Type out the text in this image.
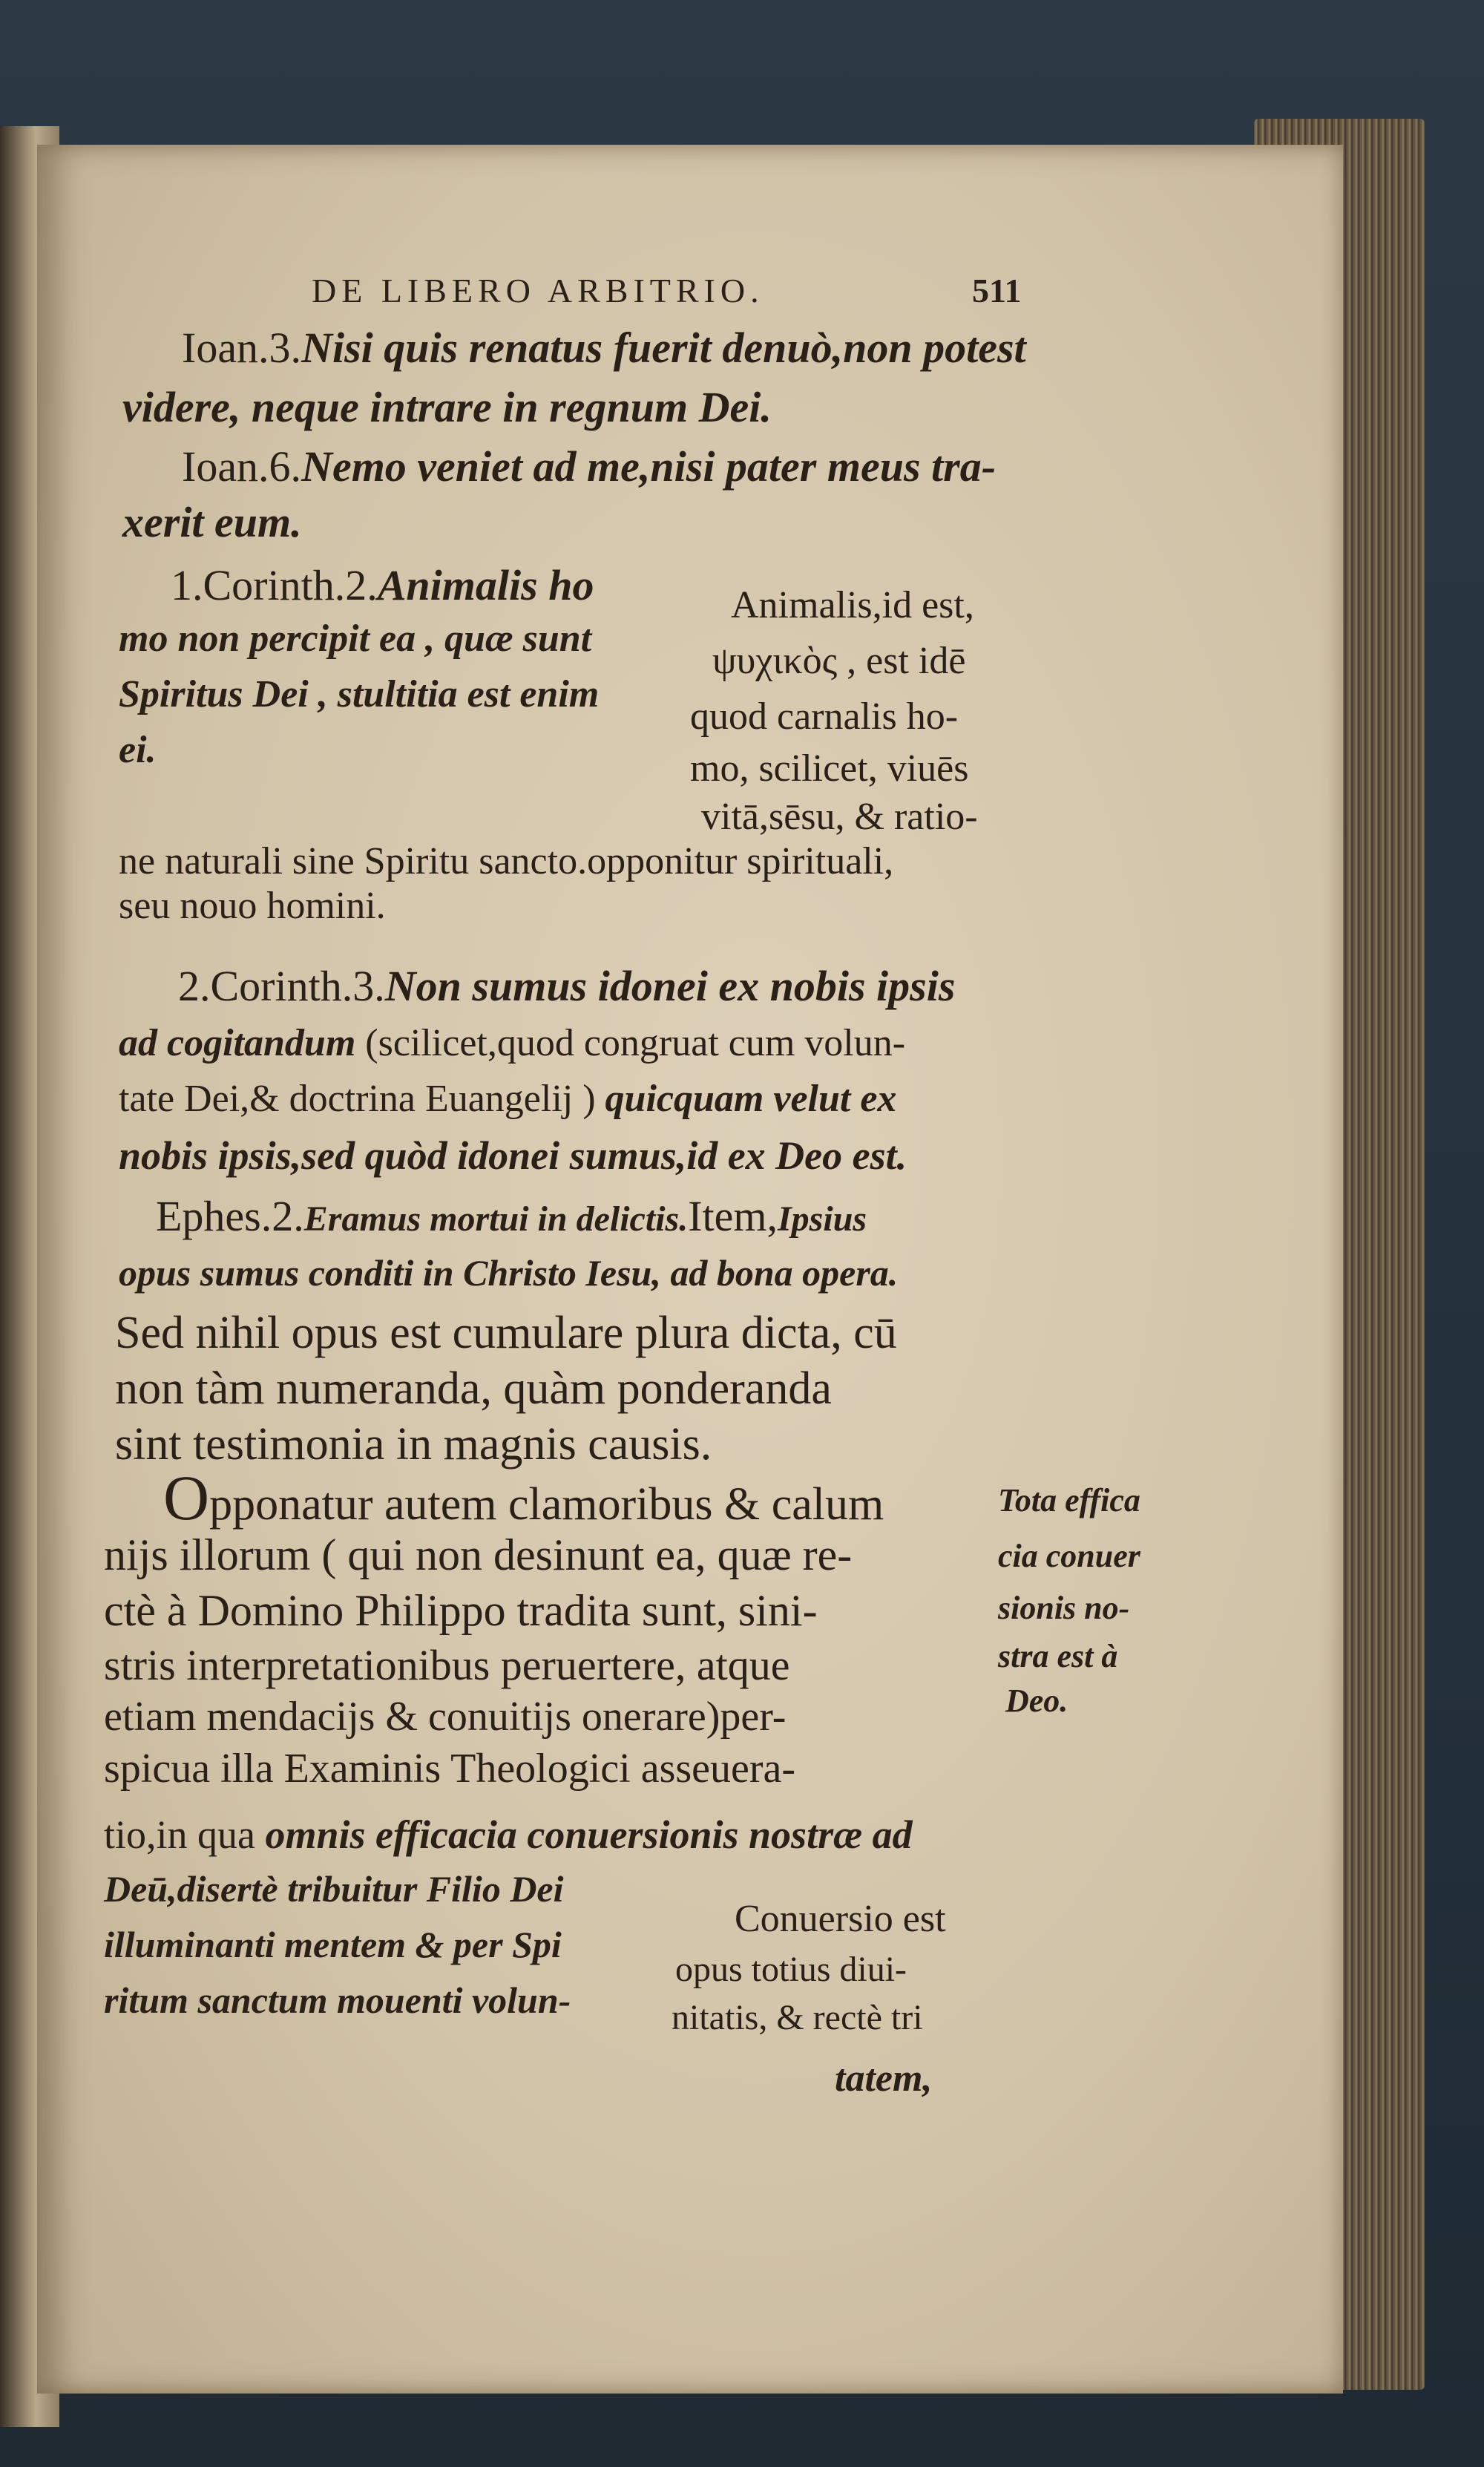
DE LIBERO ARBITRIO.	511
Ioan.3.Nisi quis renatus fuerit denuò,non potest
videre, neque intrare in regnum Dei.
Ioan.6.Nemo veniet ad me,nisi pater meus tra-
xerit eum.
1.Corinth.2.Animalis ho
mo non percipit ea , quæ sunt
Spiritus Dei , stultitia est enim
ei.
Animalis,id est,
ψυχικὸς , est idē
quod carnalis ho-
mo, scilicet, viuēs
vitā,sēsu, & ratio-
ne naturali sine Spiritu sancto.opponitur spirituali,
seu nouo homini.
2.Corinth.3.Non sumus idonei ex nobis ipsis
ad cogitandum (scilicet,quod congruat cum volun-
tate Dei,& doctrina Euangelij ) quicquam velut ex
nobis ipsis,sed quòd idonei sumus,id ex Deo est.
Ephes.2.Eramus mortui in delictis.Item,Ipsius
opus sumus conditi in Christo Iesu, ad bona opera.
Sed nihil opus est cumulare plura dicta, cū
non tàm numeranda, quàm ponderanda
sint testimonia in magnis causis.
Opponatur autem clamoribus & calum
nijs illorum ( qui non desinunt ea, quæ re-
ctè à Domino Philippo tradita sunt, sini-
stris interpretationibus peruertere, atque
etiam mendacijs & conuitijs onerare)per-
spicua illa Examinis Theologici asseuera-
tio,in qua omnis efficacia conuersionis nostræ ad
Deū,disertè tribuitur Filio Dei
illuminanti mentem & per Spi
ritum sanctum mouenti volun-
Conuersio est
opus totius diui-
nitatis, & rectè tri
tatem,
Tota effica
cia conuer
sionis no-
stra est à
Deo.
